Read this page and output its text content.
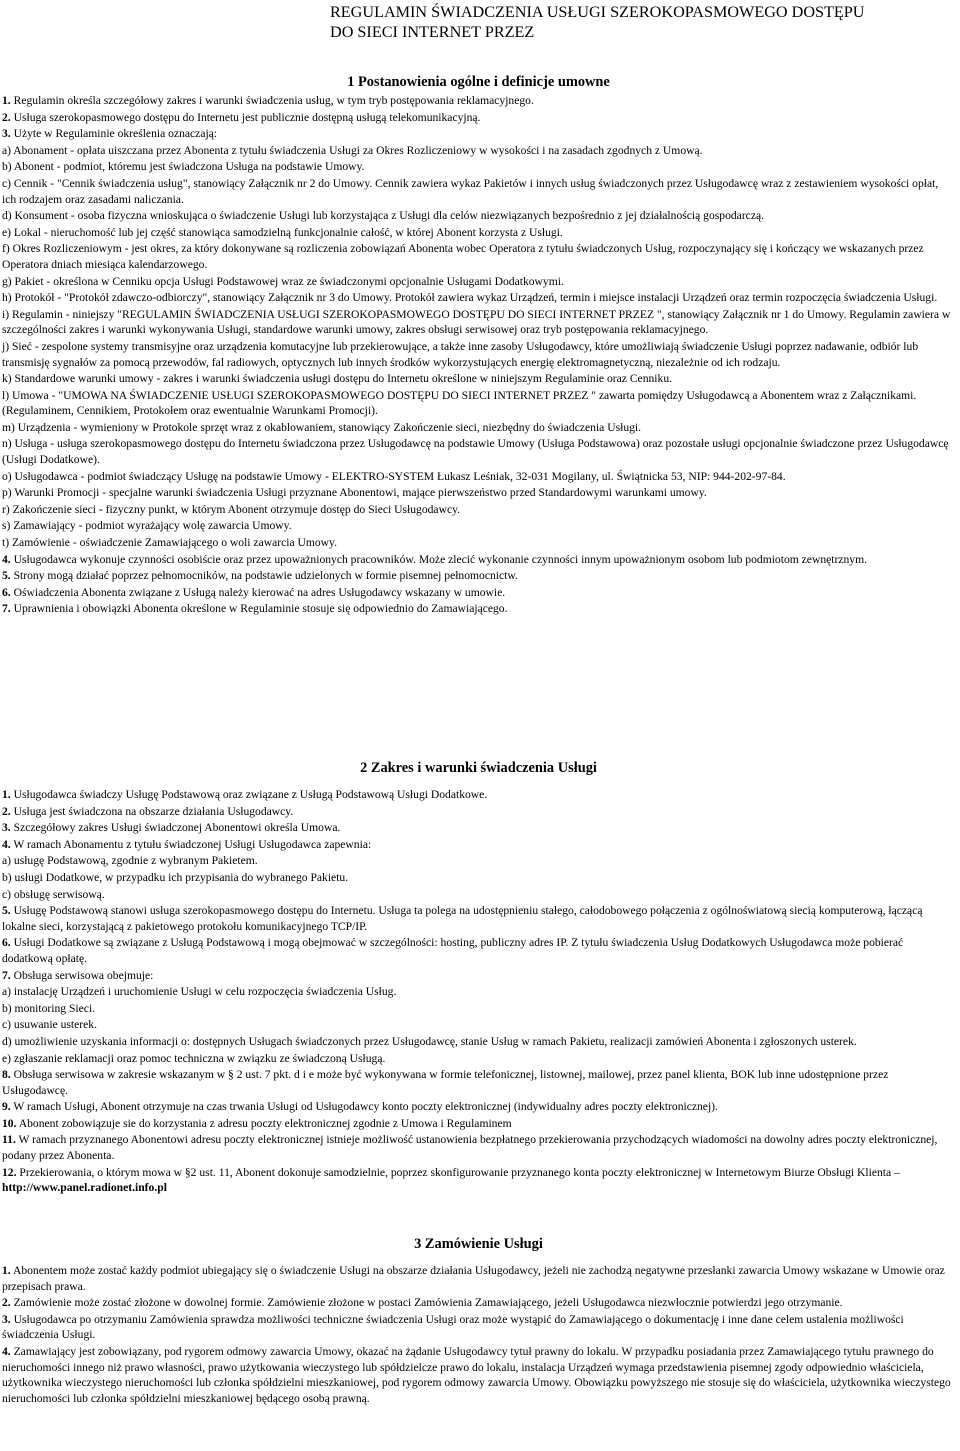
REGULAMIN ŚWIADCZENIA USŁUGI SZEROKOPASMOWEGO DOSTĘPU
DO SIECI INTERNET PRZEZ
1 Postanowienia ogólne i definicje umowne
1. Regulamin określa szczegółowy zakres i warunki świadczenia usług, w tym tryb postępowania reklamacyjnego.
2. Usługa szerokopasmowego dostępu do Internetu jest publicznie dostępną usługą telekomunikacyjną.
3. Użyte w Regulaminie określenia oznaczają:
a) Abonament - opłata uiszczana przez Abonenta z tytułu świadczenia Usługi za Okres Rozliczeniowy w wysokości i na zasadach zgodnych z Umową.
b) Abonent - podmiot, któremu jest świadczona Usługa na podstawie Umowy.
c) Cennik - "Cennik świadczenia usług", stanowiący Załącznik nr 2 do Umowy. Cennik zawiera wykaz Pakietów i innych usług świadczonych przez Usługodawcę wraz z zestawieniem wysokości opłat, ich rodzajem oraz zasadami naliczania.
d) Konsument - osoba fizyczna wnioskująca o świadczenie Usługi lub korzystająca z Usługi dla celów niezwiązanych bezpośrednio z jej działalnością gospodarczą.
e) Lokal - nieruchomość lub jej część stanowiąca samodzielną funkcjonalnie całość, w której Abonent korzysta z Usługi.
f) Okres Rozliczeniowym - jest okres, za który dokonywane są rozliczenia zobowiązań Abonenta wobec Operatora z tytułu świadczonych Usług, rozpoczynający się i kończący we wskazanych przez Operatora dniach miesiąca kalendarzowego.
g) Pakiet - określona w Cenniku opcja Usługi Podstawowej wraz ze świadczonymi opcjonalnie Usługami Dodatkowymi.
h) Protokół - "Protokół zdawczo-odbiorczy", stanowiący Załącznik nr 3 do Umowy. Protokół zawiera wykaz Urządzeń, termin i miejsce instalacji Urządzeń oraz termin rozpoczęcia świadczenia Usługi.
i) Regulamin - niniejszy "REGULAMIN ŚWIADCZENIA USŁUGI SZEROKOPASMOWEGO DOSTĘPU DO SIECI INTERNET PRZEZ ", stanowiący Załącznik nr 1 do Umowy. Regulamin zawiera w szczególności zakres i warunki wykonywania Usługi, standardowe warunki umowy, zakres obsługi serwisowej oraz tryb postępowania reklamacyjnego.
j) Sieć - zespolone systemy transmisyjne oraz urządzenia komutacyjne lub przekierowujące, a także inne zasoby Usługodawcy, które umożliwiają świadczenie Usługi poprzez nadawanie, odbiór lub transmisję sygnałów za pomocą przewodów, fal radiowych, optycznych lub innych środków wykorzystujących energię elektromagnetyczną, niezależnie od ich rodzaju.
k) Standardowe warunki umowy - zakres i warunki świadczenia usługi dostępu do Internetu określone w niniejszym Regulaminie oraz Cenniku.
l) Umowa - "UMOWA NA ŚWIADCZENIE USŁUGI SZEROKOPASMOWEGO DOSTĘPU DO SIECI INTERNET PRZEZ " zawarta pomiędzy Usługodawcą a Abonentem wraz z Załącznikami. (Regulaminem, Cennikiem, Protokołem oraz ewentualnie Warunkami Promocji).
m) Urządzenia - wymieniony w Protokole sprzęt wraz z okablowaniem, stanowiący Zakończenie sieci, niezbędny do świadczenia Usługi.
n) Usługa - usługa szerokopasmowego dostępu do Internetu świadczona przez Usługodawcę na podstawie Umowy (Usługa Podstawowa) oraz pozostałe usługi opcjonalnie świadczone przez Usługodawcę (Usługi Dodatkowe).
o) Usługodawca - podmiot świadczący Usługę na podstawie Umowy - ELEKTRO-SYSTEM Łukasz Leśniak, 32-031 Mogilany, ul. Świątnicka 53, NIP: 944-202-97-84.
p) Warunki Promocji - specjalne warunki świadczenia Usługi przyznane Abonentowi, mające pierwszeństwo przed Standardowymi warunkami umowy.
r) Zakończenie sieci - fizyczny punkt, w którym Abonent otrzymuje dostęp do Sieci Usługodawcy.
s) Zamawiający - podmiot wyrażający wolę zawarcia Umowy.
t) Zamówienie - oświadczenie Zamawiającego o woli zawarcia Umowy.
4. Usługodawca wykonuje czynności osobiście oraz przez upoważnionych pracowników. Może zlecić wykonanie czynności innym upoważnionym osobom lub podmiotom zewnętrznym.
5. Strony mogą działać poprzez pełnomocników, na podstawie udzielonych w formie pisemnej pełnomocnictw.
6. Oświadczenia Abonenta związane z Usługą należy kierować na adres Usługodawcy wskazany w umowie.
7. Uprawnienia i obowiązki Abonenta określone w Regulaminie stosuje się odpowiednio do Zamawiającego.
2 Zakres i warunki świadczenia Usługi
1. Usługodawca świadczy Usługę Podstawową oraz związane z Usługą Podstawową Usługi Dodatkowe.
2. Usługa jest świadczona na obszarze działania Usługodawcy.
3. Szczegółowy zakres Usługi świadczonej Abonentowi określa Umowa.
4. W ramach Abonamentu z tytułu świadczonej Usługi Usługodawca zapewnia:
a) usługę Podstawową, zgodnie z wybranym Pakietem.
b) usługi Dodatkowe, w przypadku ich przypisania do wybranego Pakietu.
c) obsługę serwisową.
5. Usługę Podstawową stanowi usługa szerokopasmowego dostępu do Internetu. Usługa ta polega na udostępnieniu stałego, całodobowego połączenia z ogólnoświatową siecią komputerową, łączącą lokalne sieci, korzystającą z pakietowego protokołu komunikacyjnego TCP/IP.
6. Usługi Dodatkowe są związane z Usługą Podstawową i mogą obejmować w szczególności: hosting, publiczny adres IP. Z tytułu świadczenia Usług Dodatkowych Usługodawca może pobierać dodatkową opłatę.
7. Obsługa serwisowa obejmuje:
a) instalację Urządzeń i uruchomienie Usługi w celu rozpoczęcia świadczenia Usług.
b) monitoring Sieci.
c) usuwanie usterek.
d) umożliwienie uzyskania informacji o: dostępnych Usługach świadczonych przez Usługodawcę, stanie Usług w ramach Pakietu, realizacji zamówień Abonenta i zgłoszonych usterek.
e) zgłaszanie reklamacji oraz pomoc techniczna w związku ze świadczoną Usługą.
8. Obsługa serwisowa w zakresie wskazanym w § 2 ust. 7 pkt. d i e może być wykonywana w formie telefonicznej, listownej, mailowej, przez panel klienta, BOK lub inne udostępnione przez Usługodawcę.
9. W ramach Usługi, Abonent otrzymuje na czas trwania Usługi od Usługodawcy konto poczty elektronicznej (indywidualny adres poczty elektronicznej).
10. Abonent zobowiązuje sie do korzystania z adresu poczty elektronicznej zgodnie z Umowa i Regulaminem
11. W ramach przyznanego Abonentowi adresu poczty elektronicznej istnieje możliwość ustanowienia bezpłatnego przekierowania przychodzących wiadomości na dowolny adres poczty elektronicznej, podany przez Abonenta.
12. Przekierowania, o którym mowa w §2 ust. 11, Abonent dokonuje samodzielnie, poprzez skonfigurowanie przyznanego konta poczty elektronicznej w Internetowym Biurze Obsługi Klienta – http://www.panel.radionet.info.pl
3 Zamówienie Usługi
1. Abonentem może zostać każdy podmiot ubiegający się o świadczenie Usługi na obszarze działania Usługodawcy, jeżeli nie zachodzą negatywne przesłanki zawarcia Umowy wskazane w Umowie oraz przepisach prawa.
2. Zamówienie może zostać złożone w dowolnej formie. Zamówienie złożone w postaci Zamówienia Zamawiającego, jeżeli Usługodawca niezwłocznie potwierdzi jego otrzymanie.
3. Usługodawca po otrzymaniu Zamówienia sprawdza możliwości techniczne świadczenia Usługi oraz może wystąpić do Zamawiającego o dokumentację i inne dane celem ustalenia możliwości świadczenia Usługi.
4. Zamawiający jest zobowiązany, pod rygorem odmowy zawarcia Umowy, okazać na żądanie Usługodawcy tytuł prawny do lokalu. W przypadku posiadania przez Zamawiającego tytułu prawnego do nieruchomości innego niż prawo własności, prawo użytkowania wieczystego lub spółdzielcze prawo do lokalu, instalacja Urządzeń wymaga przedstawienia pisemnej zgody odpowiednio właściciela, użytkownika wieczystego nieruchomości lub członka spółdzielni mieszkaniowej, pod rygorem odmowy zawarcia Umowy. Obowiązku powyższego nie stosuje się do właściciela, użytkownika wieczystego nieruchomości lub członka spółdzielni mieszkaniowej będącego osobą prawną.
